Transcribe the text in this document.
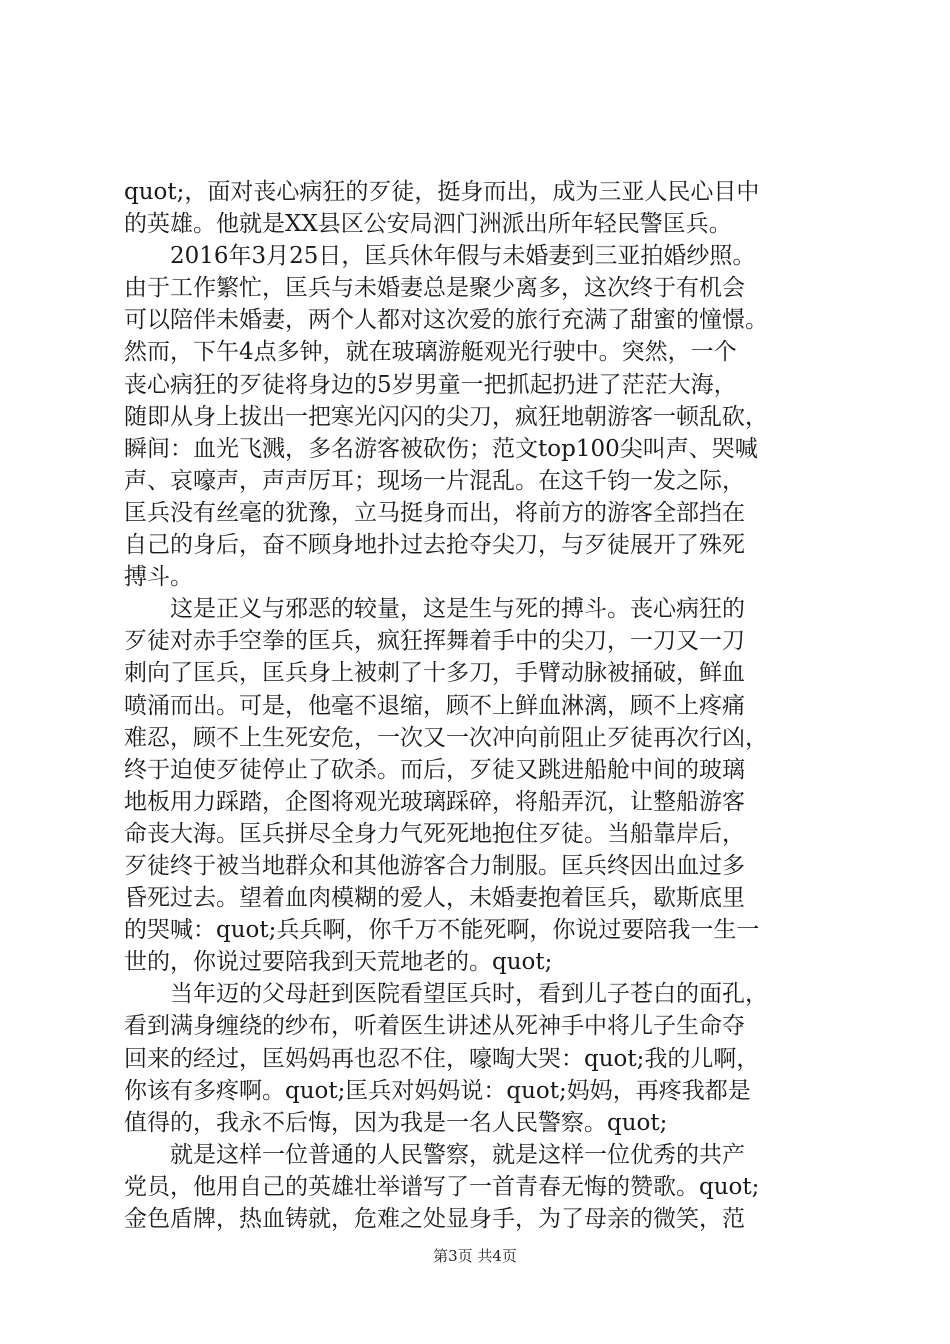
quot;，面对丧心病狂的歹徒，挺身而出，成为三亚人民心目中
的英雄。他就是XX县区公安局泗门洲派出所年轻民警匡兵。

　　2016年3月25日，匡兵休年假与未婚妻到三亚拍婚纱照。
由于工作繁忙，匡兵与未婚妻总是聚少离多，这次终于有机会
可以陪伴未婚妻，两个人都对这次爱的旅行充满了甜蜜的憧憬。
然而，下午4点多钟，就在玻璃游艇观光行驶中。突然，一个
丧心病狂的歹徒将身边的5岁男童一把抓起扔进了茫茫大海，
随即从身上拔出一把寒光闪闪的尖刀，疯狂地朝游客一顿乱砍，
瞬间：血光飞溅，多名游客被砍伤；范文top100尖叫声、哭喊
声、哀嚎声，声声厉耳；现场一片混乱。在这千钧一发之际，
匡兵没有丝毫的犹豫，立马挺身而出，将前方的游客全部挡在
自己的身后，奋不顾身地扑过去抢夺尖刀，与歹徒展开了殊死
搏斗。

　　这是正义与邪恶的较量，这是生与死的搏斗。丧心病狂的
歹徒对赤手空拳的匡兵，疯狂挥舞着手中的尖刀，一刀又一刀
刺向了匡兵，匡兵身上被刺了十多刀，手臂动脉被捅破，鲜血
喷涌而出。可是，他毫不退缩，顾不上鲜血淋漓，顾不上疼痛
难忍，顾不上生死安危，一次又一次冲向前阻止歹徒再次行凶，
终于迫使歹徒停止了砍杀。而后，歹徒又跳进船舱中间的玻璃
地板用力踩踏，企图将观光玻璃踩碎，将船弄沉，让整船游客
命丧大海。匡兵拼尽全身力气死死地抱住歹徒。当船靠岸后，
歹徒终于被当地群众和其他游客合力制服。匡兵终因出血过多
昏死过去。望着血肉模糊的爱人，未婚妻抱着匡兵，歇斯底里
的哭喊：quot;兵兵啊，你千万不能死啊，你说过要陪我一生一
世的，你说过要陪我到天荒地老的。quot;

　　当年迈的父母赶到医院看望匡兵时，看到儿子苍白的面孔，
看到满身缠绕的纱布，听着医生讲述从死神手中将儿子生命夺
回来的经过，匡妈妈再也忍不住，嚎啕大哭：quot;我的儿啊，
你该有多疼啊。quot;匡兵对妈妈说：quot;妈妈，再疼我都是
值得的，我永不后悔，因为我是一名人民警察。quot;

　　就是这样一位普通的人民警察，就是这样一位优秀的共产
党员，他用自己的英雄壮举谱写了一首青春无悔的赞歌。quot;
金色盾牌，热血铸就，危难之处显身手，为了母亲的微笑，范

第3页 共4页
